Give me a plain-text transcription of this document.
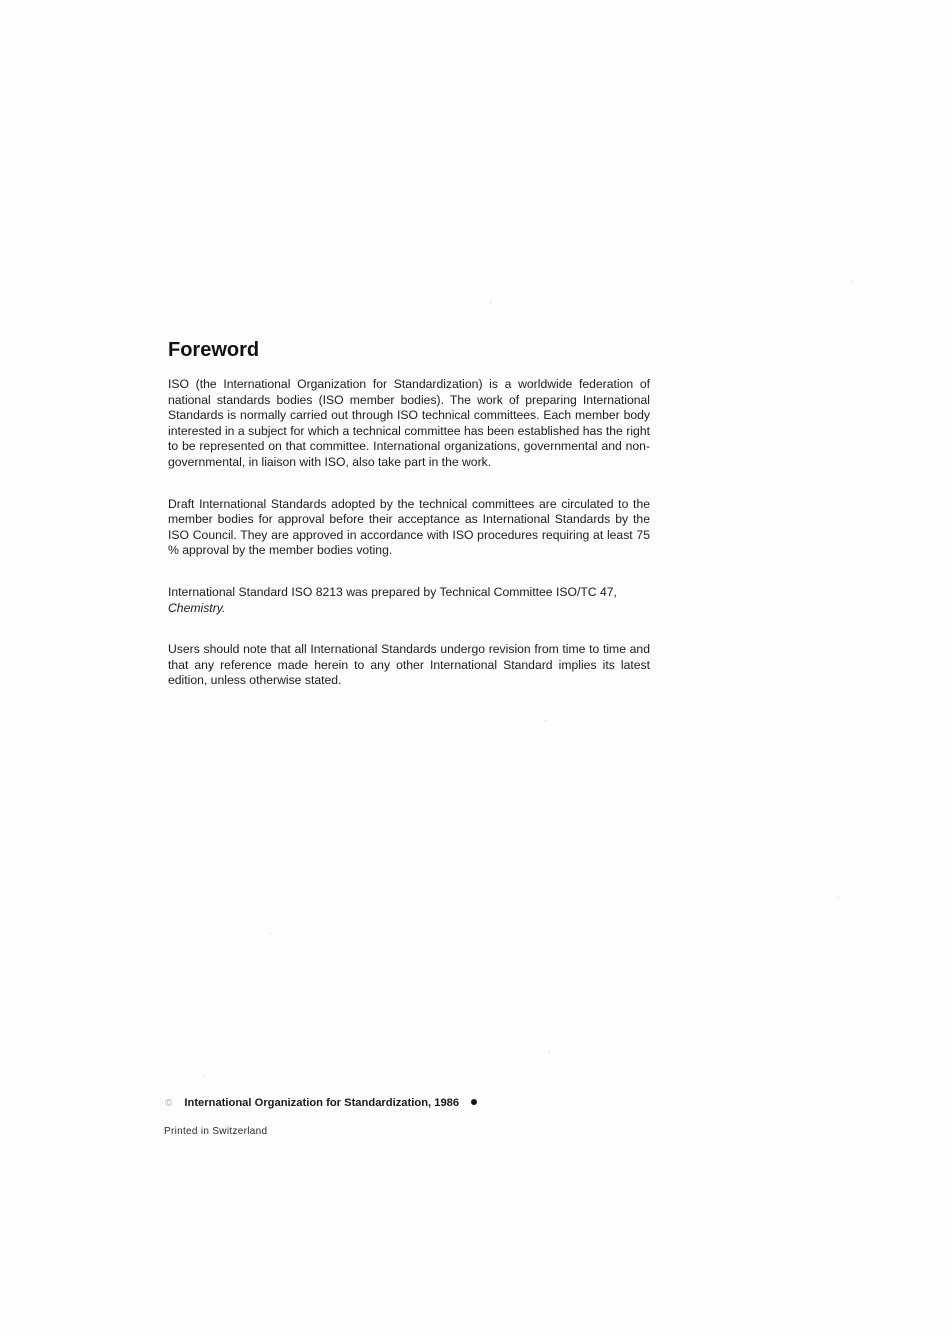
Foreword

ISO (the International Organization for Standardization) is a worldwide federation of national standards bodies (ISO member bodies). The work of preparing International Standards is normally carried out through ISO technical committees. Each member body interested in a subject for which a technical committee has been established has the right to be represented on that committee. International organizations, governmental and non-governmental, in liaison with ISO, also take part in the work.

Draft International Standards adopted by the technical committees are circulated to the member bodies for approval before their acceptance as International Standards by the ISO Council. They are approved in accordance with ISO procedures requiring at least 75 % approval by the member bodies voting.

International Standard ISO 8213 was prepared by Technical Committee ISO/TC 47,
Chemistry.

Users should note that all International Standards undergo revision from time to time and that any reference made herein to any other International Standard implies its latest edition, unless otherwise stated.

© International Organization for Standardization, 1986
Printed in Switzerland
